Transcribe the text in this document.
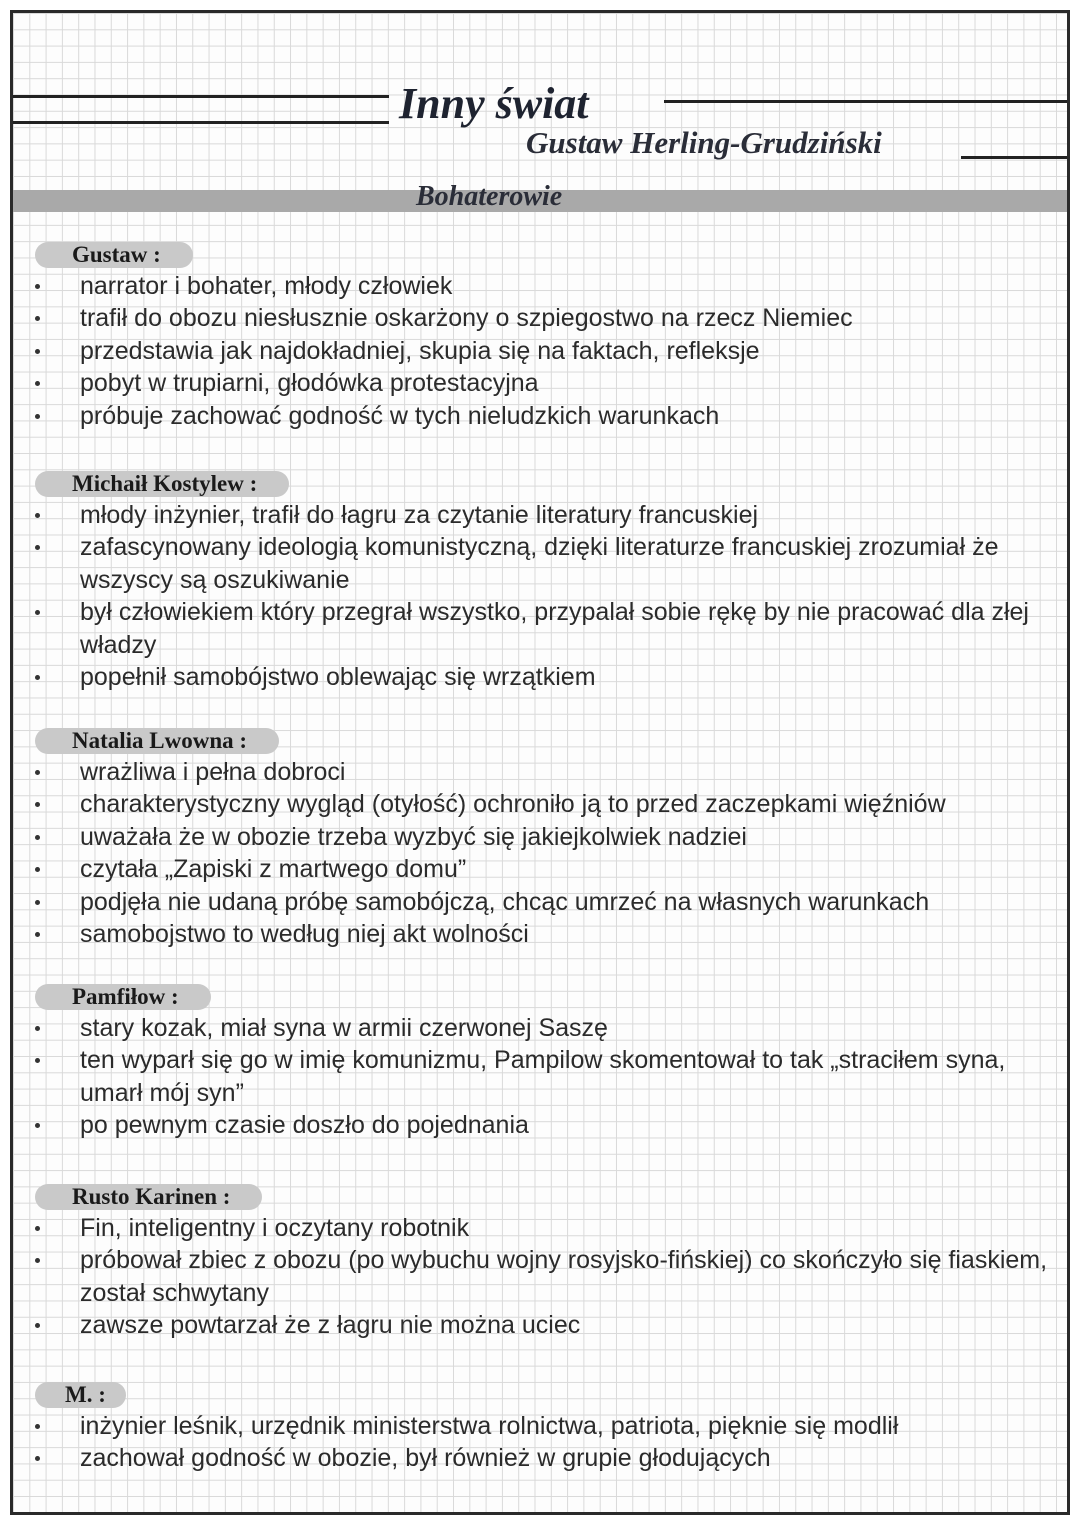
Inny świat
Gustaw Herling-Grudziński
Bohaterowie
Gustaw :
narrator i bohater, młody człowiek
trafił do obozu niesłusznie oskarżony o szpiegostwo na rzecz Niemiec
przedstawia jak najdokładniej, skupia się na faktach, refleksje
pobyt w trupiarni, głodówka protestacyjna
próbuje zachować godność w tych nieludzkich warunkach
Michaił Kostylew :
młody inżynier, trafił do łagru za czytanie literatury francuskiej
zafascynowany ideologią komunistyczną, dzięki literaturze francuskiej zrozumiał że wszyscy są oszukiwanie
był człowiekiem który przegrał wszystko, przypalał sobie rękę by nie pracować dla złej władzy
popełnił samobójstwo oblewając się wrzątkiem
Natalia Lwowna :
wrażliwa i pełna dobroci
charakterystyczny wygląd (otyłość) ochroniło ją to przed zaczepkami więźniów
uważała że w obozie trzeba wyzbyć się jakiejkolwiek nadziei
czytała „Zapiski z martwego domu”
podjęła nie udaną próbę samobójczą, chcąc umrzeć na własnych warunkach
samobojstwo to według niej akt wolności
Pamfiłow :
stary kozak, miał syna w armii czerwonej Saszę
ten wyparł się go w imię komunizmu, Pampilow skomentował to tak „straciłem syna, umarł mój syn”
po pewnym czasie doszło do pojednania
Rusto Karinen :
Fin, inteligentny i oczytany robotnik
próbował zbiec z obozu (po wybuchu wojny rosyjsko-fińskiej) co skończyło się fiaskiem, został schwytany
zawsze powtarzał że z łagru nie można uciec
M. :
inżynier leśnik, urzędnik ministerstwa rolnictwa, patriota, pięknie się modlił
zachował godność w obozie, był również w grupie głodujących
